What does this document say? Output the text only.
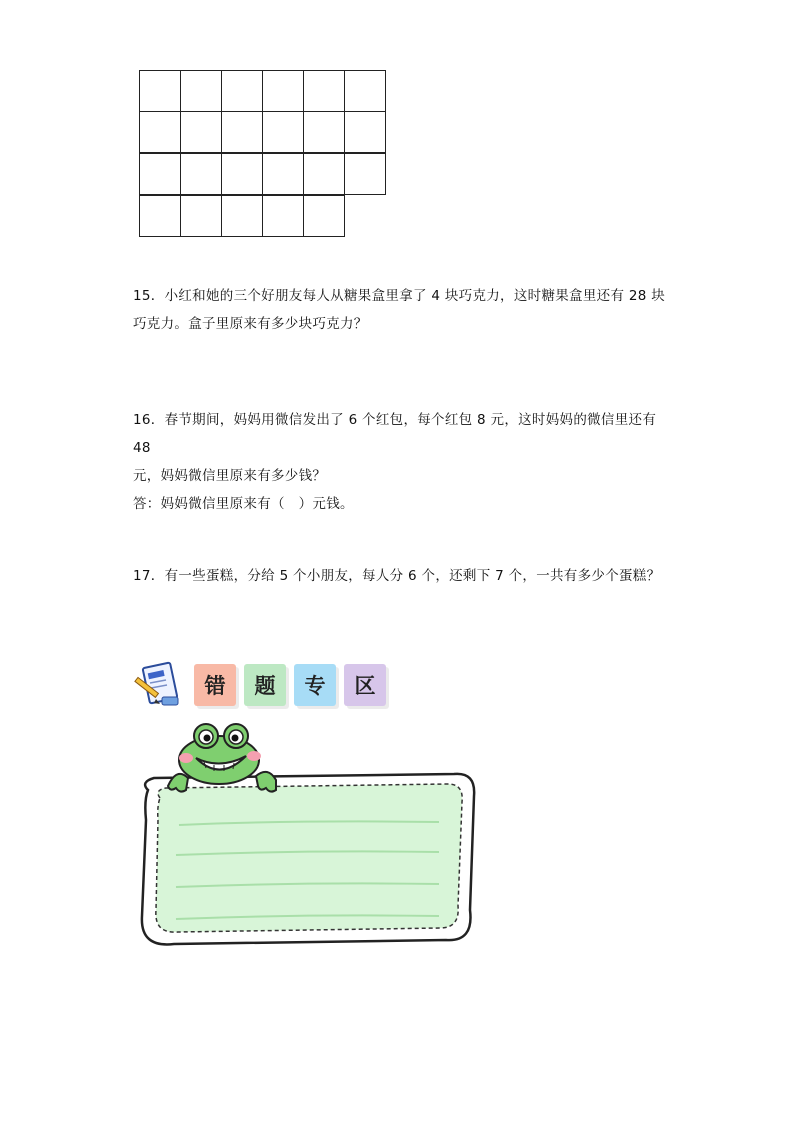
15．小红和她的三个好朋友每人从糖果盒里拿了 4 块巧克力，这时糖果盒里还有 28 块

巧克力。盒子里原来有多少块巧克力？

16．春节期间，妈妈用微信发出了 6 个红包，每个红包 8 元，这时妈妈的微信里还有 48

元，妈妈微信里原来有多少钱？

答：妈妈微信里原来有（　）元钱。

17．有一些蛋糕，分给 5 个小朋友，每人分 6 个，还剩下 7 个，一共有多少个蛋糕？

错	题	专	区
